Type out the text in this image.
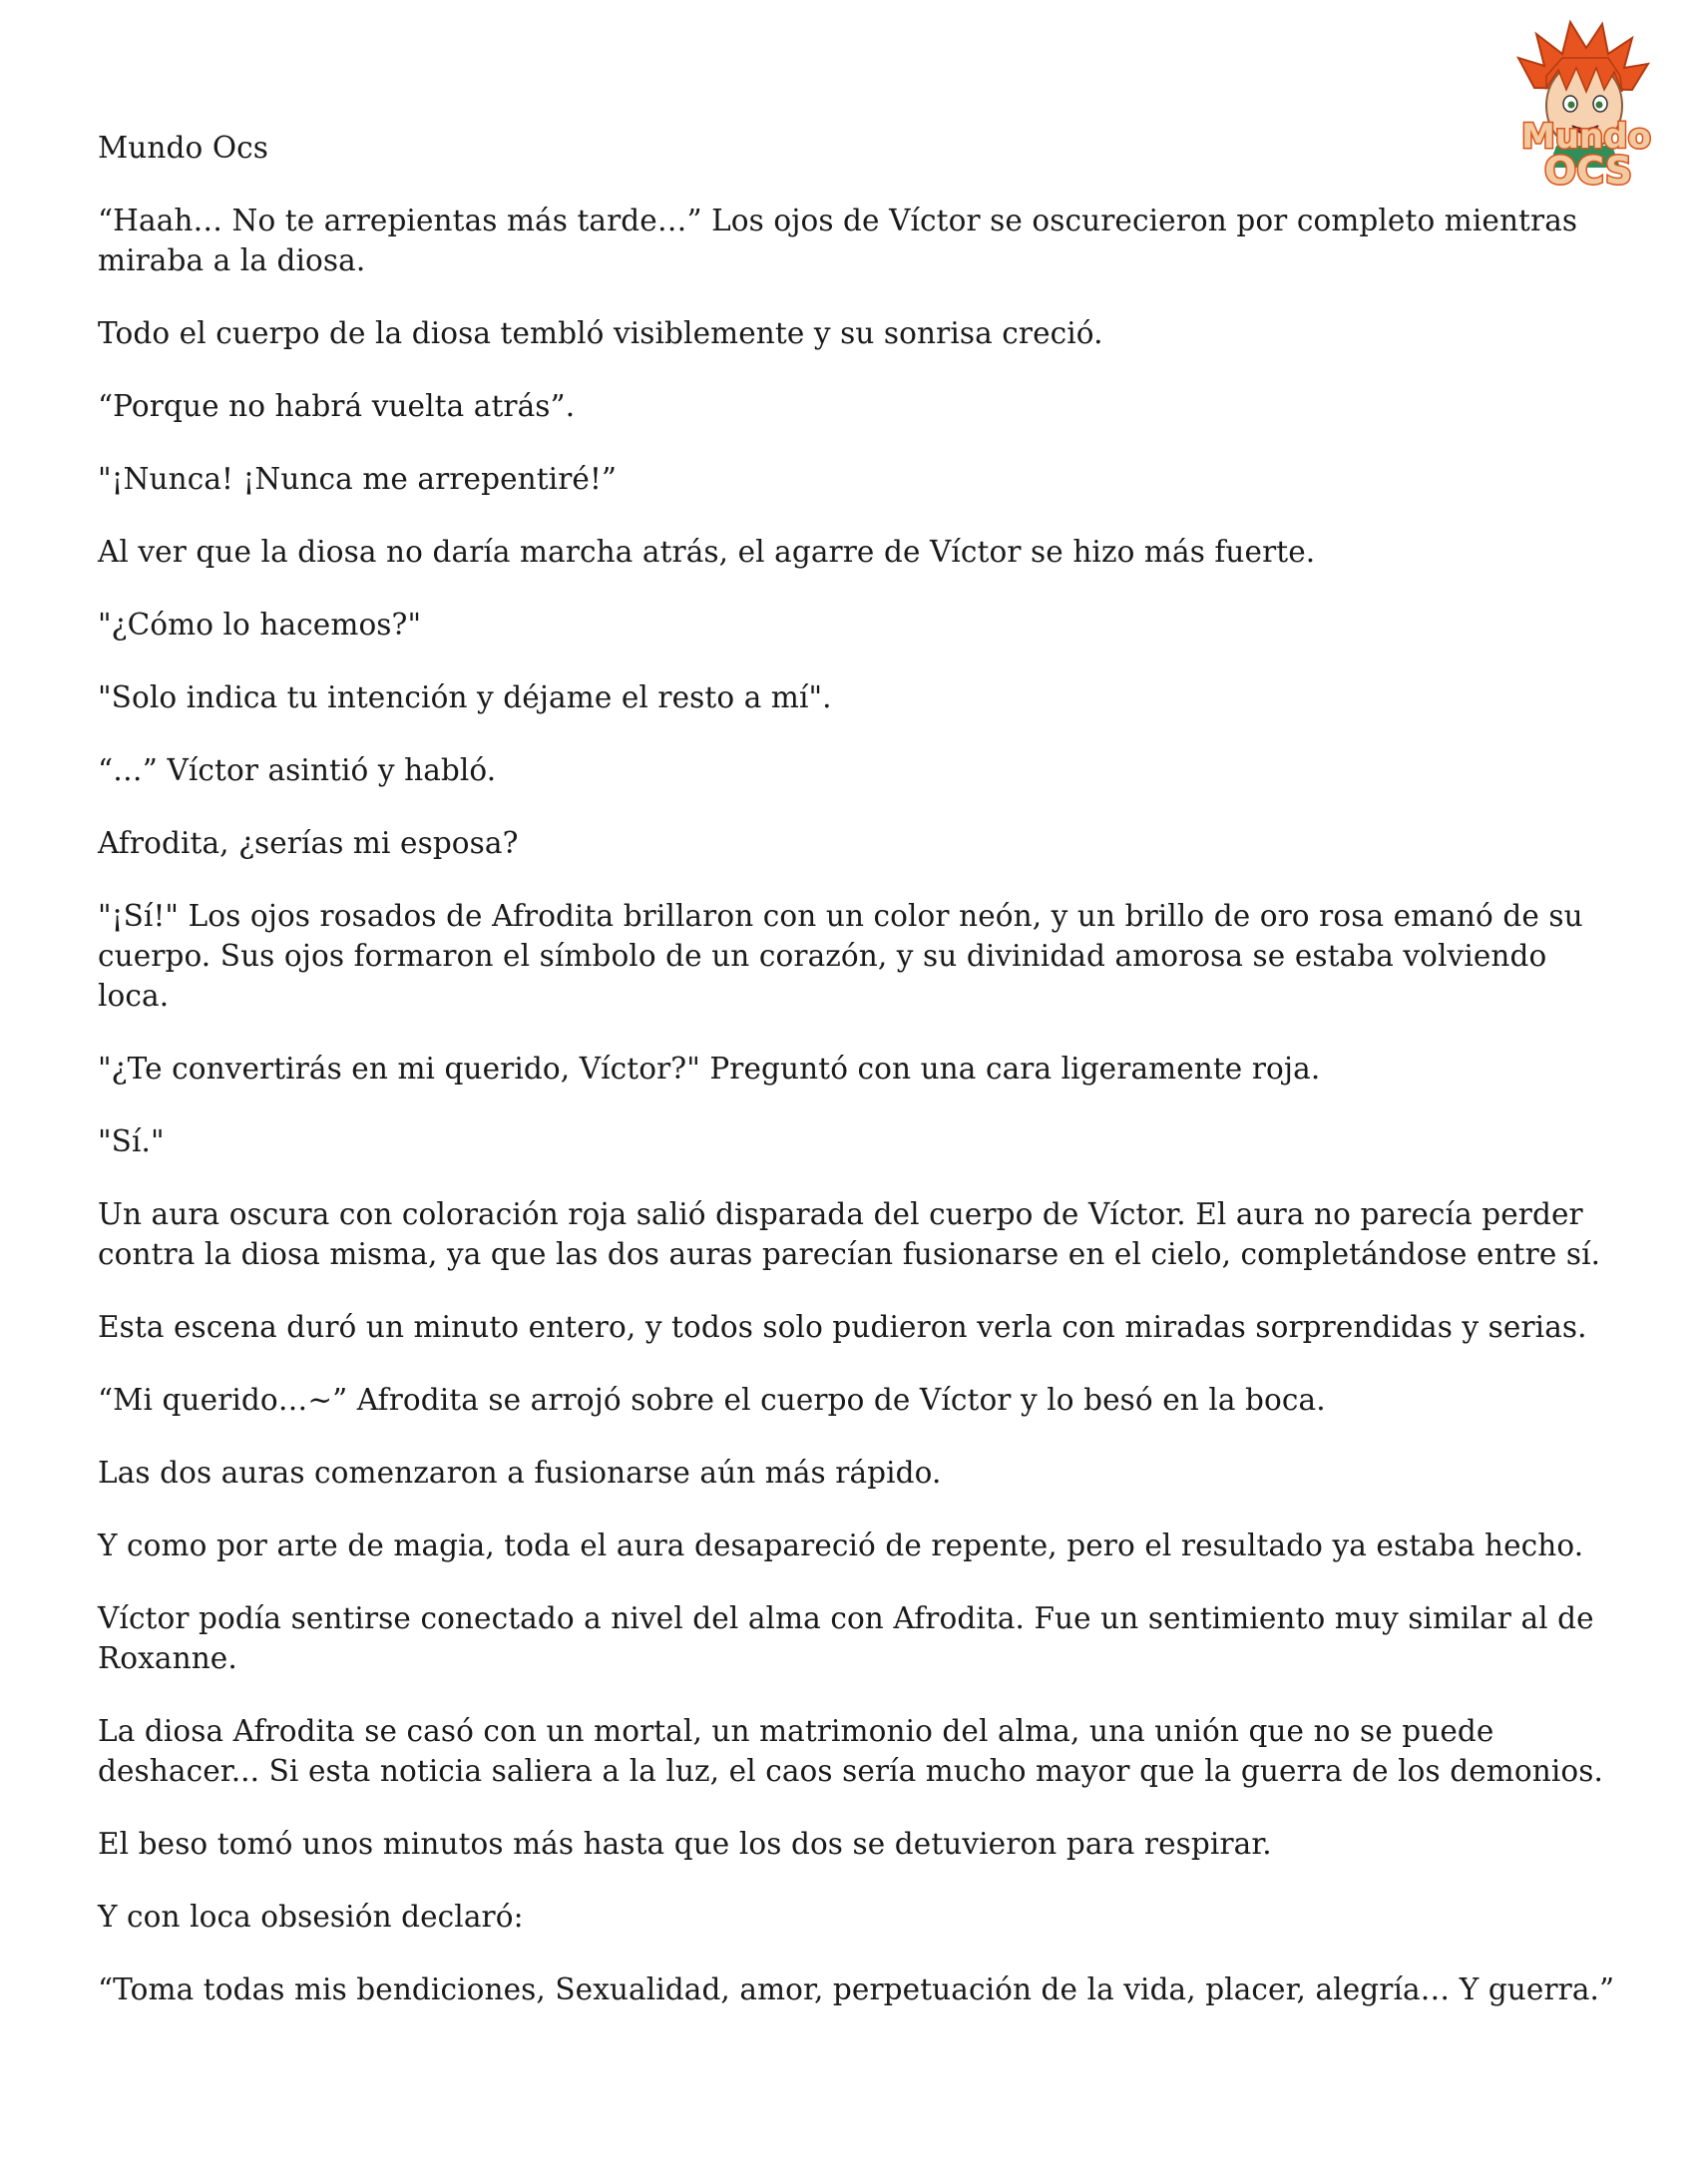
Mundo
OCS

Mundo Ocs

“Haah… No te arrepientas más tarde…” Los ojos de Víctor se oscurecieron por completo mientras miraba a la diosa.

Todo el cuerpo de la diosa tembló visiblemente y su sonrisa creció.

“Porque no habrá vuelta atrás”.

"¡Nunca! ¡Nunca me arrepentiré!”

Al ver que la diosa no daría marcha atrás, el agarre de Víctor se hizo más fuerte.

"¿Cómo lo hacemos?"

"Solo indica tu intención y déjame el resto a mí".

“…” Víctor asintió y habló.

Afrodita, ¿serías mi esposa?

"¡Sí!" Los ojos rosados de Afrodita brillaron con un color neón, y un brillo de oro rosa emanó de su cuerpo. Sus ojos formaron el símbolo de un corazón, y su divinidad amorosa se estaba volviendo loca.

"¿Te convertirás en mi querido, Víctor?" Preguntó con una cara ligeramente roja.

"Sí."

Un aura oscura con coloración roja salió disparada del cuerpo de Víctor. El aura no parecía perder contra la diosa misma, ya que las dos auras parecían fusionarse en el cielo, completándose entre sí.

Esta escena duró un minuto entero, y todos solo pudieron verla con miradas sorprendidas y serias.

“Mi querido…~” Afrodita se arrojó sobre el cuerpo de Víctor y lo besó en la boca.

Las dos auras comenzaron a fusionarse aún más rápido.

Y como por arte de magia, toda el aura desapareció de repente, pero el resultado ya estaba hecho.

Víctor podía sentirse conectado a nivel del alma con Afrodita. Fue un sentimiento muy similar al de Roxanne.

La diosa Afrodita se casó con un mortal, un matrimonio del alma, una unión que no se puede deshacer... Si esta noticia saliera a la luz, el caos sería mucho mayor que la guerra de los demonios.

El beso tomó unos minutos más hasta que los dos se detuvieron para respirar.

Y con loca obsesión declaró:

“Toma todas mis bendiciones, Sexualidad, amor, perpetuación de la vida, placer, alegría… Y guerra.”
